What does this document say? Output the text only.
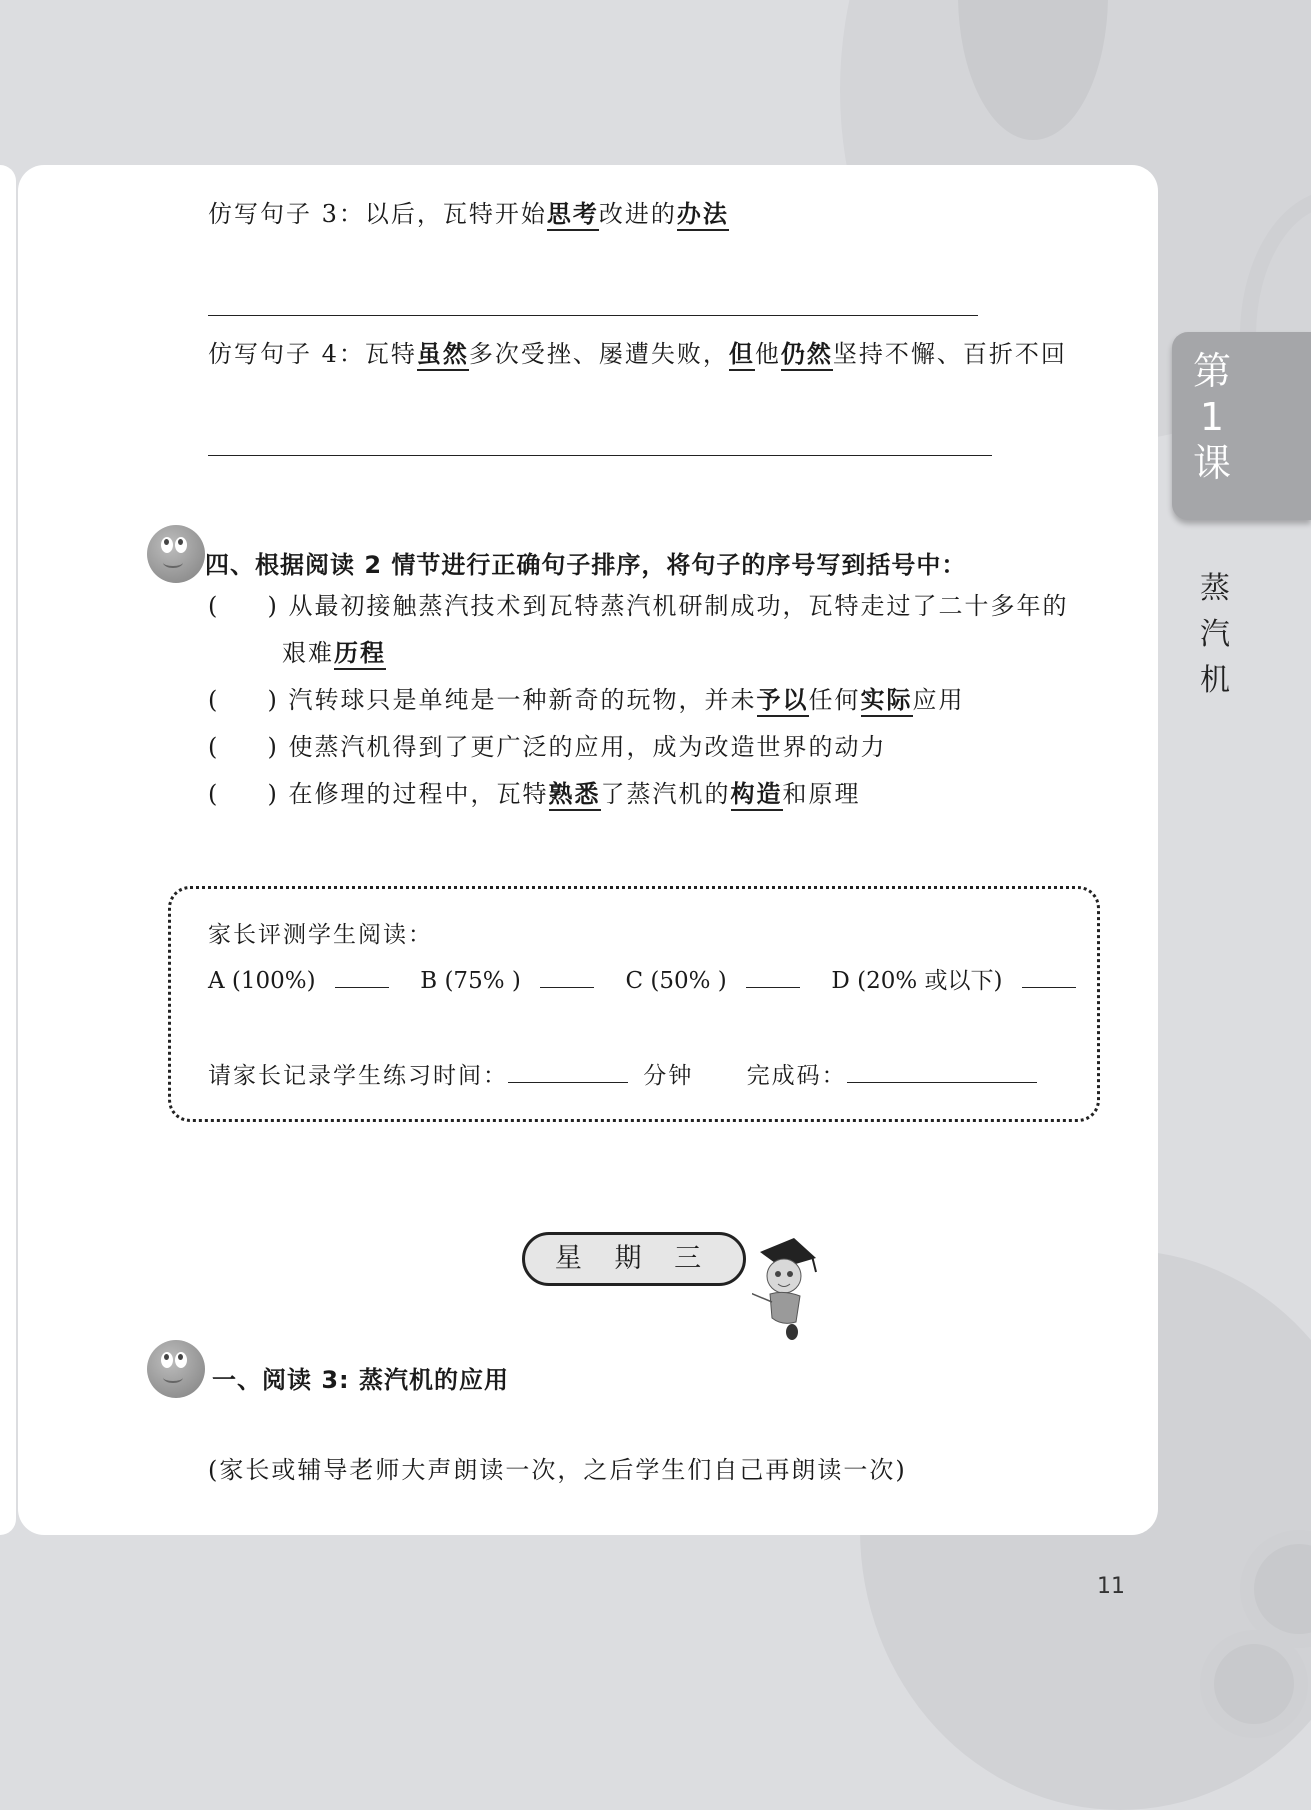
仿写句子 3：以后，瓦特开始思考改进的办法
仿写句子 4：瓦特虽然多次受挫、屡遭失败，但他仍然坚持不懈、百折不回
四、根据阅读 2 情节进行正确句子排序，将句子的序号写到括号中：
(     ) 从最初接触蒸汽技术到瓦特蒸汽机研制成功，瓦特走过了二十多年的
艰难历程
(     ) 汽转球只是单纯是一种新奇的玩物，并未予以任何实际应用
(     ) 使蒸汽机得到了更广泛的应用，成为改造世界的动力
(     ) 在修理的过程中，瓦特熟悉了蒸汽机的构造和原理
家长评测学生阅读：
A (100%)	B (75% )	C (50% )	D (20% 或以下)
请家长记录学生练习时间：	分钟 完成码：
星 期 三
一、阅读 3: 蒸汽机的应用
(家长或辅导老师大声朗读一次，之后学生们自己再朗读一次)
第
1
课
蒸
汽
机
11
